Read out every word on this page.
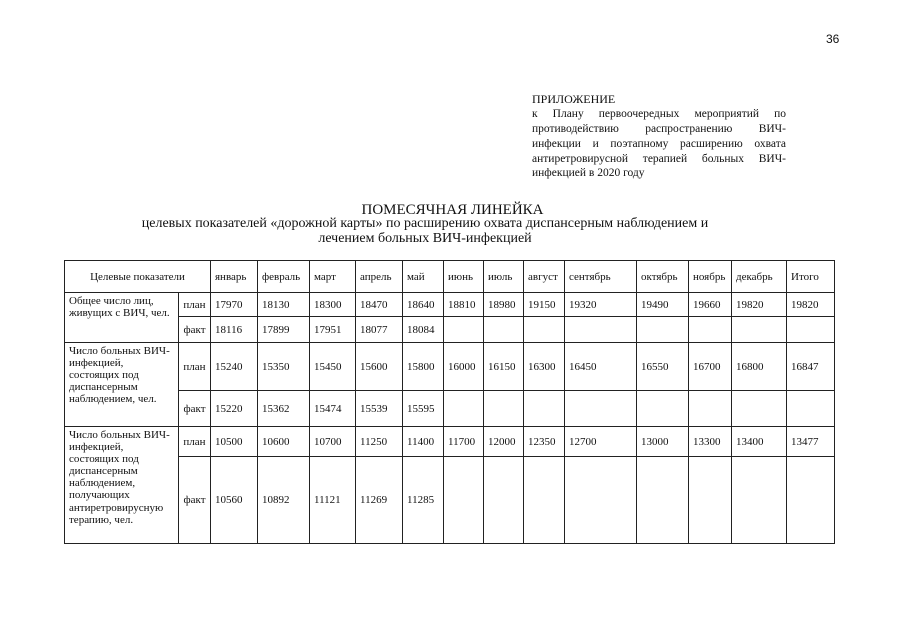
36
ПРИЛОЖЕНИЕ
к Плану первоочередных мероприятий по противодействию распространению ВИЧ-инфекции и поэтапному расширению охвата антиретровирусной терапией больных ВИЧ-инфекцией в 2020 году
ПОМЕСЯЧНАЯ ЛИНЕЙКА
целевых показателей «дорожной карты» по расширению охвата диспансерным наблюдением и лечением больных ВИЧ-инфекцией
Целевые показатели		январь	февраль	март	апрель	май	июнь	июль	август	сентябрь	октябрь	ноябрь	декабрь	Итого
Общее число лиц, живущих с ВИЧ, чел.	план	17970	18130	18300	18470	18640	18810	18980	19150	19320	19490	19660	19820	19820
	факт	18116	17899	17951	18077	18084								
Число больных ВИЧ-инфекцией, состоящих под диспансерным наблюдением, чел.	план	15240	15350	15450	15600	15800	16000	16150	16300	16450	16550	16700	16800	16847
	факт	15220	15362	15474	15539	15595								
Число больных ВИЧ-инфекцией, состоящих под диспансерным наблюдением, получающих антиретровирусную терапию, чел.	план	10500	10600	10700	11250	11400	11700	12000	12350	12700	13000	13300	13400	13477
	факт	10560	10892	11121	11269	11285								
